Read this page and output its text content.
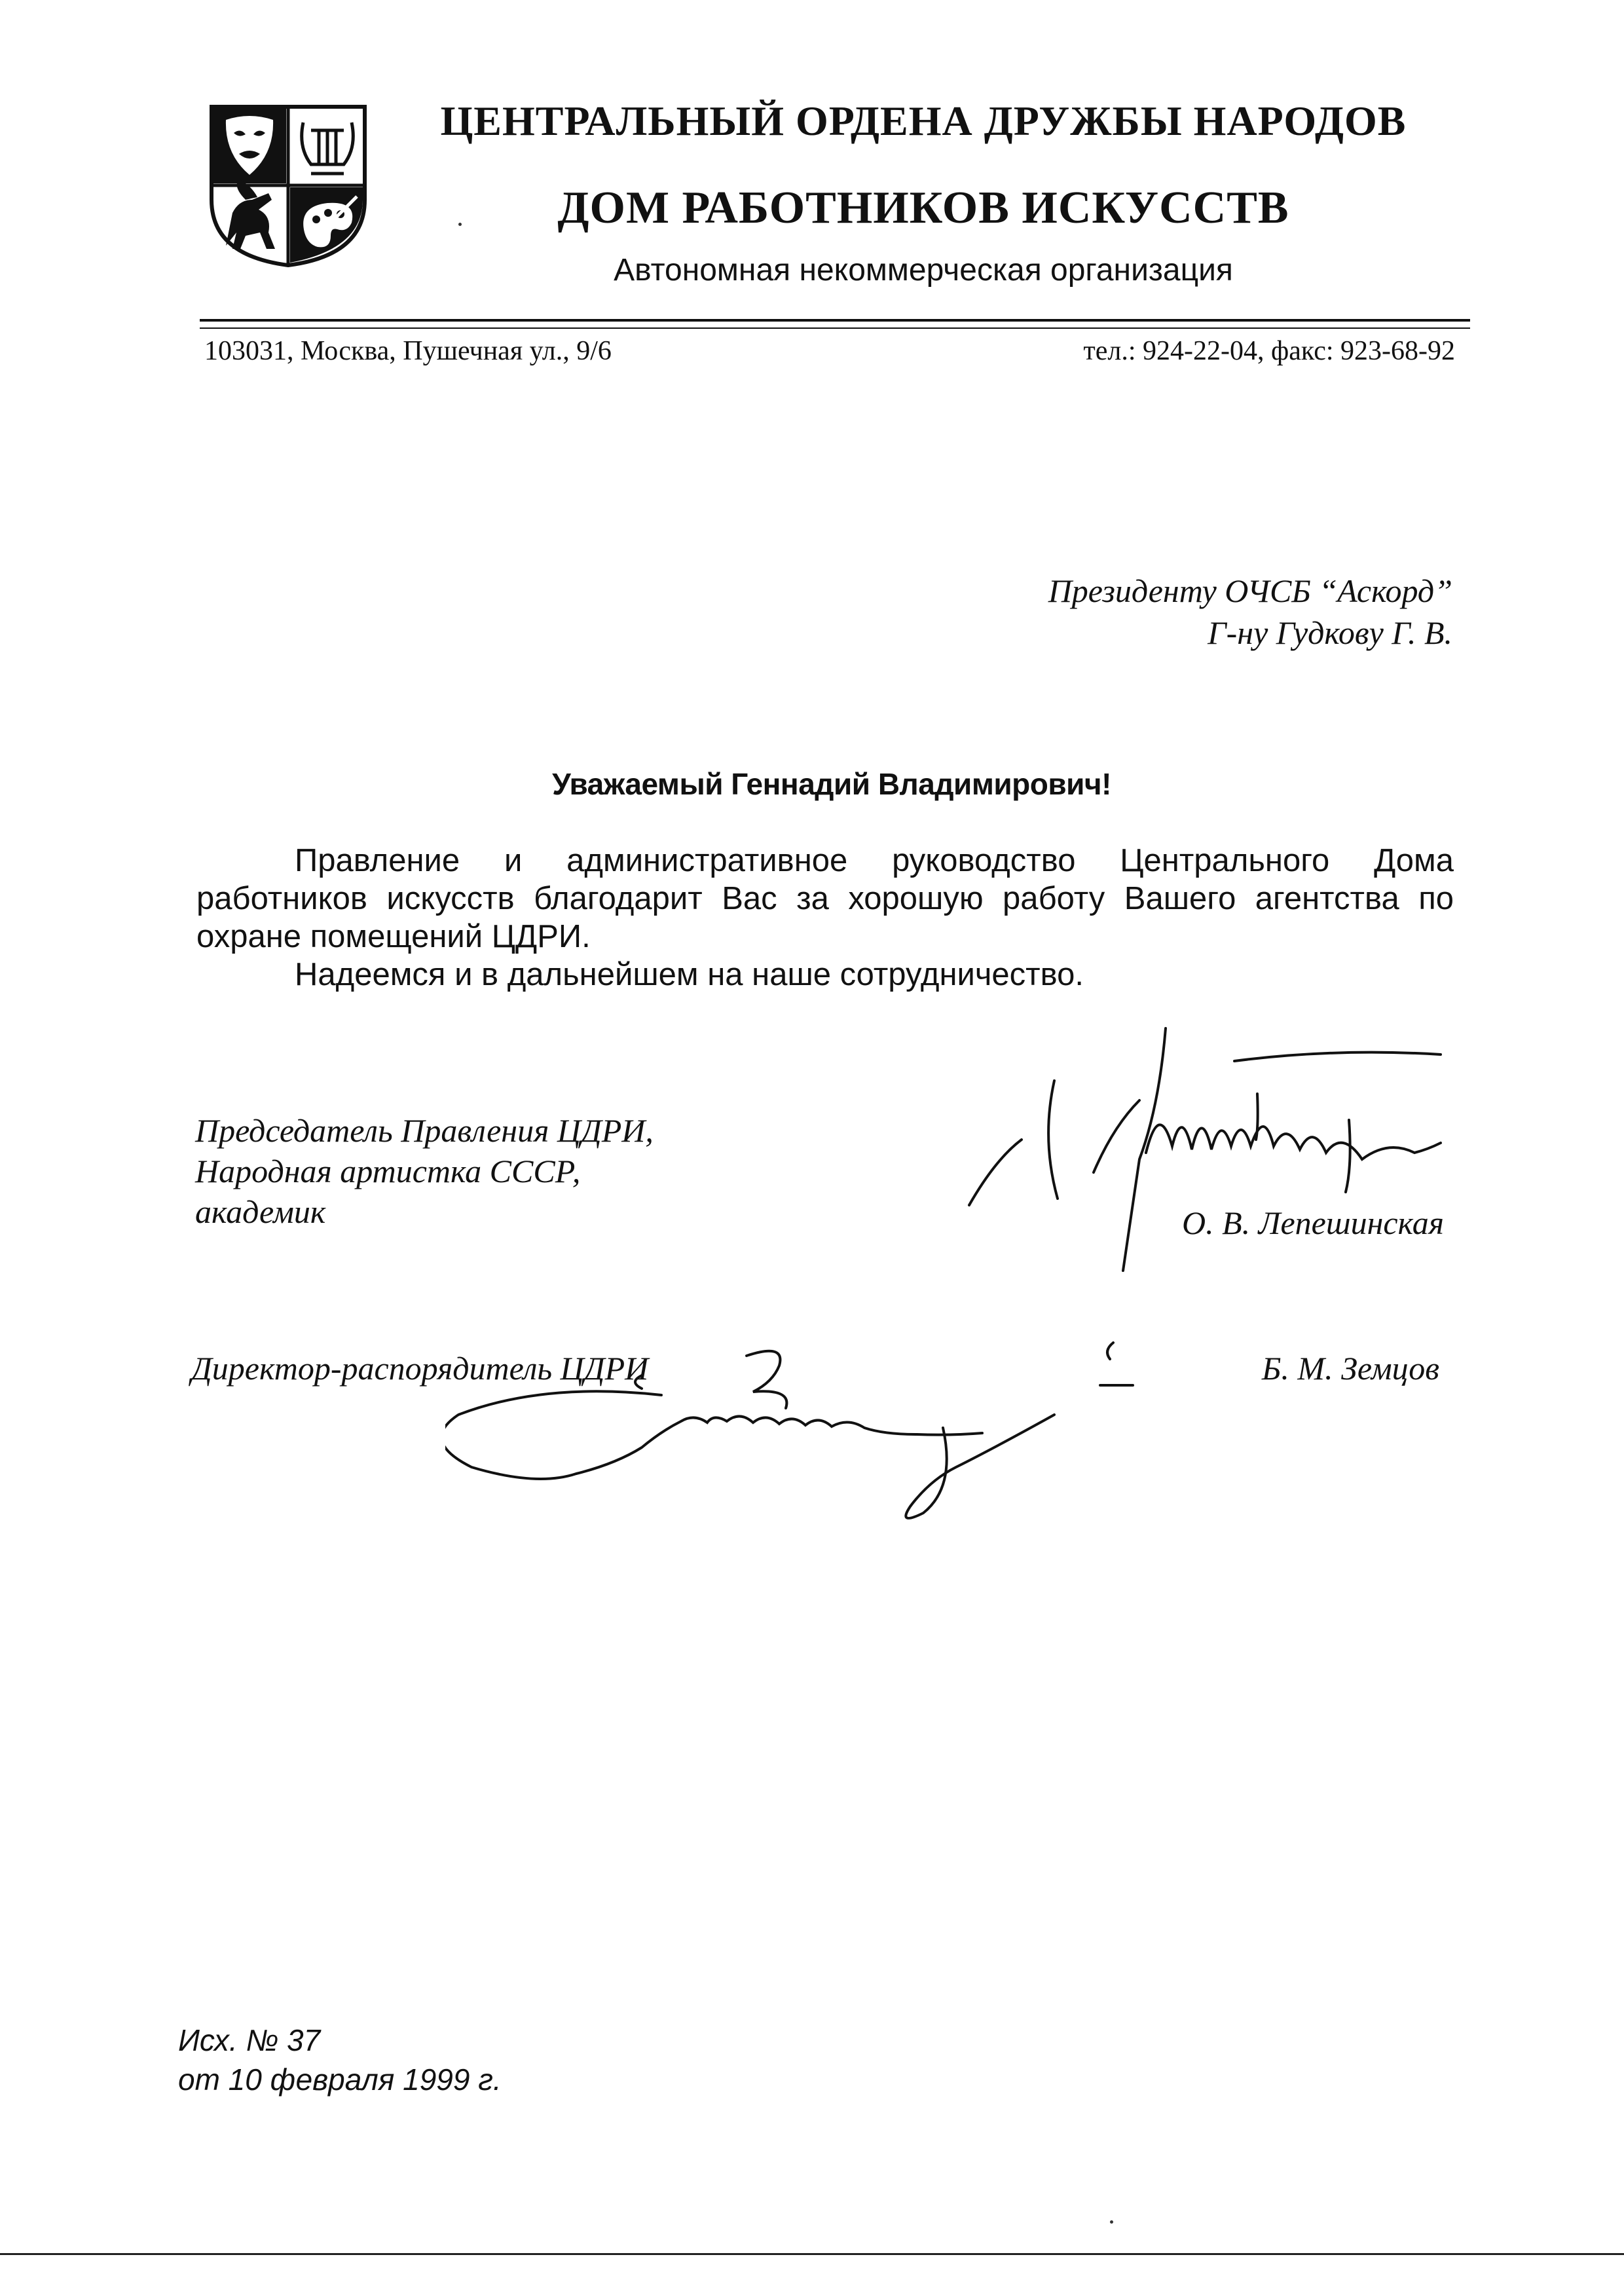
ЦЕНТРАЛЬНЫЙ ОРДЕНА ДРУЖБЫ НАРОДОВ
ДОМ РАБОТНИКОВ ИСКУССТВ
Автономная некоммерческая организация
103031, Москва, Пушечная ул., 9/6	тел.: 924-22-04, факс: 923-68-92
Президенту ОЧСБ “Аскорд”
Г-ну Гудкову Г. В.
Уважаемый Геннадий Владимирович!

Правление и административное руководство Центрального Дома работников искусств благодарит Вас за хорошую работу Вашего агентства по охране помещений ЦДРИ.

Надеемся и в дальнейшем на наше сотрудничество.

Председатель Правления ЦДРИ,
Народная артистка СССР,
академик	О. В. Лепешинская
Директор-распорядитель ЦДРИ	Б. М. Земцов
Исх. № 37
от 10 февраля 1999 г.
